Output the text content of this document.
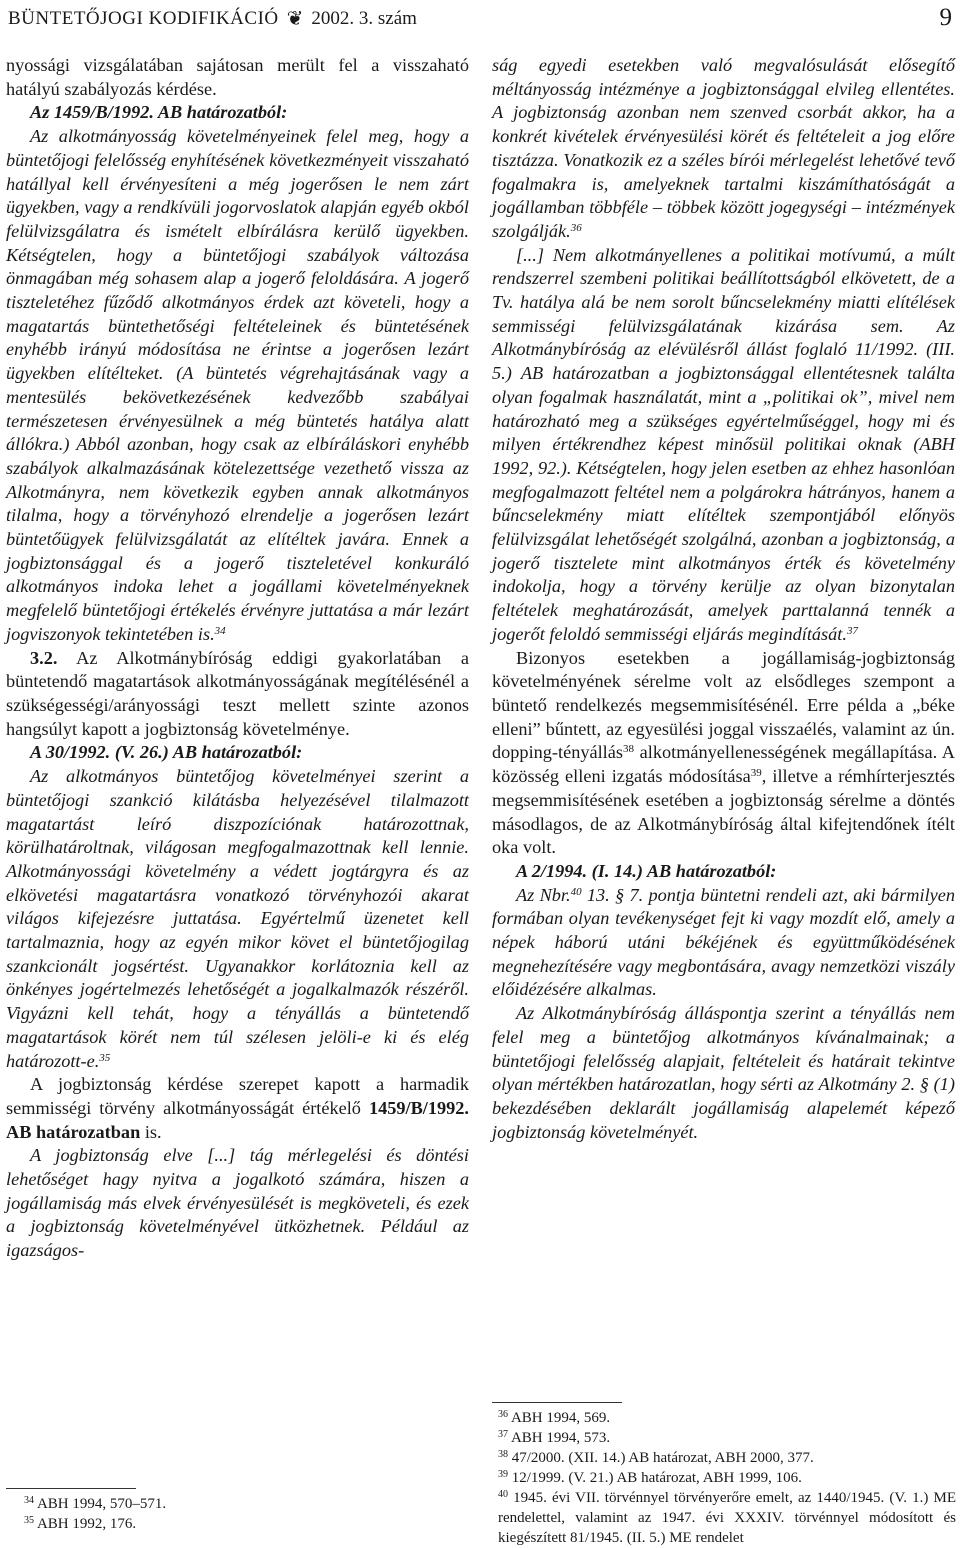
BÜNTETŐJOGI KODIFIKÁCIÓ ❦ 2002. 3. szám	9

nyossági vizsgálatában sajátosan merült fel a visszaható hatályú szabályozás kérdése.

Az 1459/B/1992. AB határozatból:

Az alkotmányosság követelményeinek felel meg, hogy a büntetőjogi felelősség enyhítésének következményeit visszaható hatállyal kell érvényesíteni a még jogerősen le nem zárt ügyekben, vagy a rendkívüli jogorvoslatok alapján egyéb okból felülvizsgálatra és ismételt elbírálásra kerülő ügyekben. Kétségtelen, hogy a büntetőjogi szabályok változása önmagában még sohasem alap a jogerő feloldására. A jogerő tiszteletéhez fűződő alkotmányos érdek azt követeli, hogy a magatartás büntethetőségi feltételeinek és büntetésének enyhébb irányú módosítása ne érintse a jogerősen lezárt ügyekben elítélteket. (A büntetés végrehajtásának vagy a mentesülés bekövetkezésének kedvezőbb szabályai természetesen érvényesülnek a még büntetés hatálya alatt állókra.) Abból azonban, hogy csak az elbíráláskori enyhébb szabályok alkalmazásának kötelezettsége vezethető vissza az Alkotmányra, nem következik egyben annak alkotmányos tilalma, hogy a törvényhozó elrendelje a jogerősen lezárt büntetőügyek felülvizsgálatát az elítéltek javára. Ennek a jogbiztonsággal és a jogerő tiszteletével konkuráló alkotmányos indoka lehet a jogállami követelményeknek megfelelő büntetőjogi értékelés érvényre juttatása a már lezárt jogviszonyok tekintetében is.$^{34}$

3.2. Az Alkotmánybíróság eddigi gyakorlatában a büntetendő magatartások alkotmányosságának megítélésénél a szükségességi/arányossági teszt mellett szinte azonos hangsúlyt kapott a jogbiztonság követelménye.

A 30/1992. (V. 26.) AB határozatból:

Az alkotmányos büntetőjog követelményei szerint a büntetőjogi szankció kilátásba helyezésével tilalmazott magatartást leíró diszpozíciónak határozottnak, körülhatároltnak, világosan megfogalmazottnak kell lennie. Alkotmányossági követelmény a védett jogtárgyra és az elkövetési magatartásra vonatkozó törvényhozói akarat világos kifejezésre juttatása. Egyértelmű üzenetet kell tartalmaznia, hogy az egyén mikor követ el büntetőjogilag szankcionált jogsértést. Ugyanakkor korlátoznia kell az önkényes jogértelmezés lehetőségét a jogalkalmazók részéről. Vigyázni kell tehát, hogy a tényállás a büntetendő magatartások körét nem túl szélesen jelöli-e ki és elég határozott-e.$^{35}$

A jogbiztonság kérdése szerepet kapott a harmadik semmisségi törvény alkotmányosságát értékelő 1459/B/1992. AB határozatban is.

A jogbiztonság elve [...] tág mérlegelési és döntési lehetőséget hagy nyitva a jogalkotó számára, hiszen a jogállamiság más elvek érvényesülését is megköveteli, és ezek a jogbiztonság követelményével ütközhetnek. Például az igazságos-

ság egyedi esetekben való megvalósulását elősegítő méltányosság intézménye a jogbiztonsággal elvileg ellentétes. A jogbiztonság azonban nem szenved csorbát akkor, ha a konkrét kivételek érvényesülési körét és feltételeit a jog előre tisztázza. Vonatkozik ez a széles bírói mérlegelést lehetővé tevő fogalmakra is, amelyeknek tartalmi kiszámíthatóságát a jogállamban többféle – többek között jogegységi – intézmények szolgálják.$^{36}$

[...] Nem alkotmányellenes a politikai motívumú, a múlt rendszerrel szembeni politikai beállítottságból elkövetett, de a Tv. hatálya alá be nem sorolt bűncselekmény miatti elítélések semmisségi felülvizsgálatának kizárása sem. Az Alkotmánybíróság az elévülésről állást foglaló 11/1992. (III. 5.) AB határozatban a jogbiztonsággal ellentétesnek találta olyan fogalmak használatát, mint a „politikai ok”, mivel nem határozható meg a szükséges egyértelműséggel, hogy mi és milyen értékrendhez képest minősül politikai oknak (ABH 1992, 92.). Kétségtelen, hogy jelen esetben az ehhez hasonlóan megfogalmazott feltétel nem a polgárokra hátrányos, hanem a bűncselekmény miatt elítéltek szempontjából előnyös felülvizsgálat lehetőségét szolgálná, azonban a jogbiztonság, a jogerő tisztelete mint alkotmányos érték és követelmény indokolja, hogy a törvény kerülje az olyan bizonytalan feltételek meghatározását, amelyek parttalanná tennék a jogerőt feloldó semmisségi eljárás megindítását.$^{37}$

Bizonyos esetekben a jogállamiság-jogbiztonság követelményének sérelme volt az elsődleges szempont a büntető rendelkezés megsemmisítésénél. Erre példa a „béke elleni” bűntett, az egyesülési joggal visszaélés, valamint az ún. dopping-tényállás$^{38}$ alkotmányellenességének megállapítása. A közösség elleni izgatás módosítása$^{39}$, illetve a rémhírterjesztés megsemmisítésének esetében a jogbiztonság sérelme a döntés másodlagos, de az Alkotmánybíróság által kifejtendőnek ítélt oka volt.

A 2/1994. (I. 14.) AB határozatból:

Az Nbr.$^{40}$ 13. § 7. pontja büntetni rendeli azt, aki bármilyen formában olyan tevékenységet fejt ki vagy mozdít elő, amely a népek háború utáni békéjének és együttműködésének megnehezítésére vagy megbontására, avagy nemzetközi viszály előidézésére alkalmas.

Az Alkotmánybíróság álláspontja szerint a tényállás nem felel meg a büntetőjog alkotmányos kívánalmainak; a büntetőjogi felelősség alapjait, feltételeit és határait tekintve olyan mértékben határozatlan, hogy sérti az Alkotmány 2. § (1) bekezdésében deklarált jogállamiság alapelemét képező jogbiztonság követelményét.

$^{34}$ ABH 1994, 570–571.
$^{35}$ ABH 1992, 176.
$^{36}$ ABH 1994, 569.
$^{37}$ ABH 1994, 573.
$^{38}$ 47/2000. (XII. 14.) AB határozat, ABH 2000, 377.
$^{39}$ 12/1999. (V. 21.) AB határozat, ABH 1999, 106.
$^{40}$ 1945. évi VII. törvénnyel törvényerőre emelt, az 1440/1945. (V. 1.) ME rendelettel, valamint az 1947. évi XXXIV. törvénnyel módosított és kiegészített 81/1945. (II. 5.) ME rendelet
